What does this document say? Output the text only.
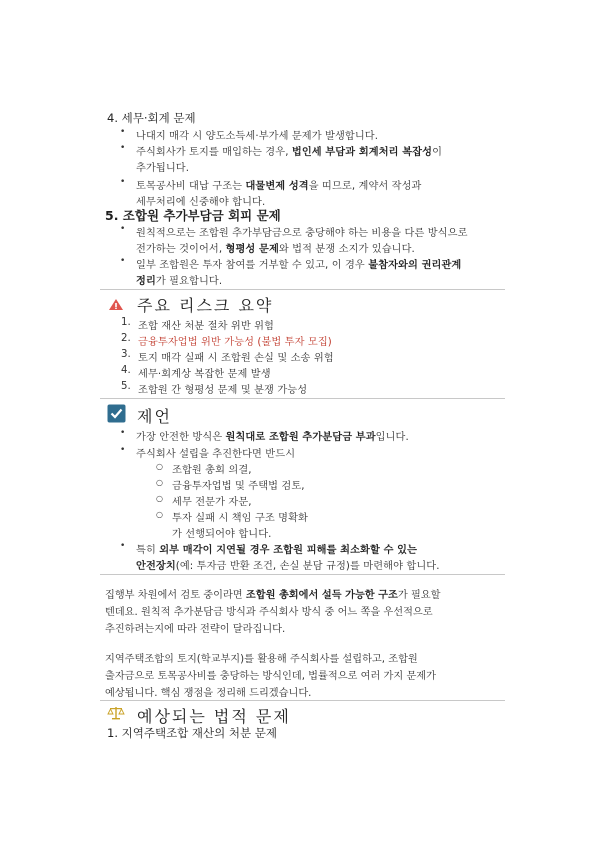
4. 세무·회계 문제
• 나대지 매각 시 양도소득세·부가세 문제가 발생합니다.
• 주식회사가 토지를 매입하는 경우, 법인세 부담과 회계처리 복잡성이
추가됩니다.
• 토목공사비 대납 구조는 대물변제 성격을 띠므로, 계약서 작성과
세무처리에 신중해야 합니다.
5. 조합원 추가부담금 회피 문제
• 원칙적으로는 조합원 추가부담금으로 충당해야 하는 비용을 다른 방식으로
전가하는 것이어서, 형평성 문제와 법적 분쟁 소지가 있습니다.
• 일부 조합원은 투자 참여를 거부할 수 있고, 이 경우 불참자와의 권리관계
정리가 필요합니다.
주요 리스크 요약
1. 조합 재산 처분 절차 위반 위험
2. 금융투자업법 위반 가능성 (불법 투자 모집)
3. 토지 매각 실패 시 조합원 손실 및 소송 위험
4. 세무·회계상 복잡한 문제 발생
5. 조합원 간 형평성 문제 및 분쟁 가능성
제언
• 가장 안전한 방식은 원칙대로 조합원 추가분담금 부과입니다.
• 주식회사 설립을 추진한다면 반드시
○ 조합원 총회 의결,
○ 금융투자업법 및 주택법 검토,
○ 세무 전문가 자문,
○ 투자 실패 시 책임 구조 명확화
가 선행되어야 합니다.
• 특히 외부 매각이 지연될 경우 조합원 피해를 최소화할 수 있는
안전장치(예: 투자금 반환 조건, 손실 분담 규정)를 마련해야 합니다.
집행부 차원에서 검토 중이라면 조합원 총회에서 설득 가능한 구조가 필요할
텐데요. 원칙적 추가분담금 방식과 주식회사 방식 중 어느 쪽을 우선적으로
추진하려는지에 따라 전략이 달라집니다.
지역주택조합의 토지(학교부지)를 활용해 주식회사를 설립하고, 조합원
출자금으로 토목공사비를 충당하는 방식인데, 법률적으로 여러 가지 문제가
예상됩니다. 핵심 쟁점을 정리해 드리겠습니다.
예상되는 법적 문제
1. 지역주택조합 재산의 처분 문제
